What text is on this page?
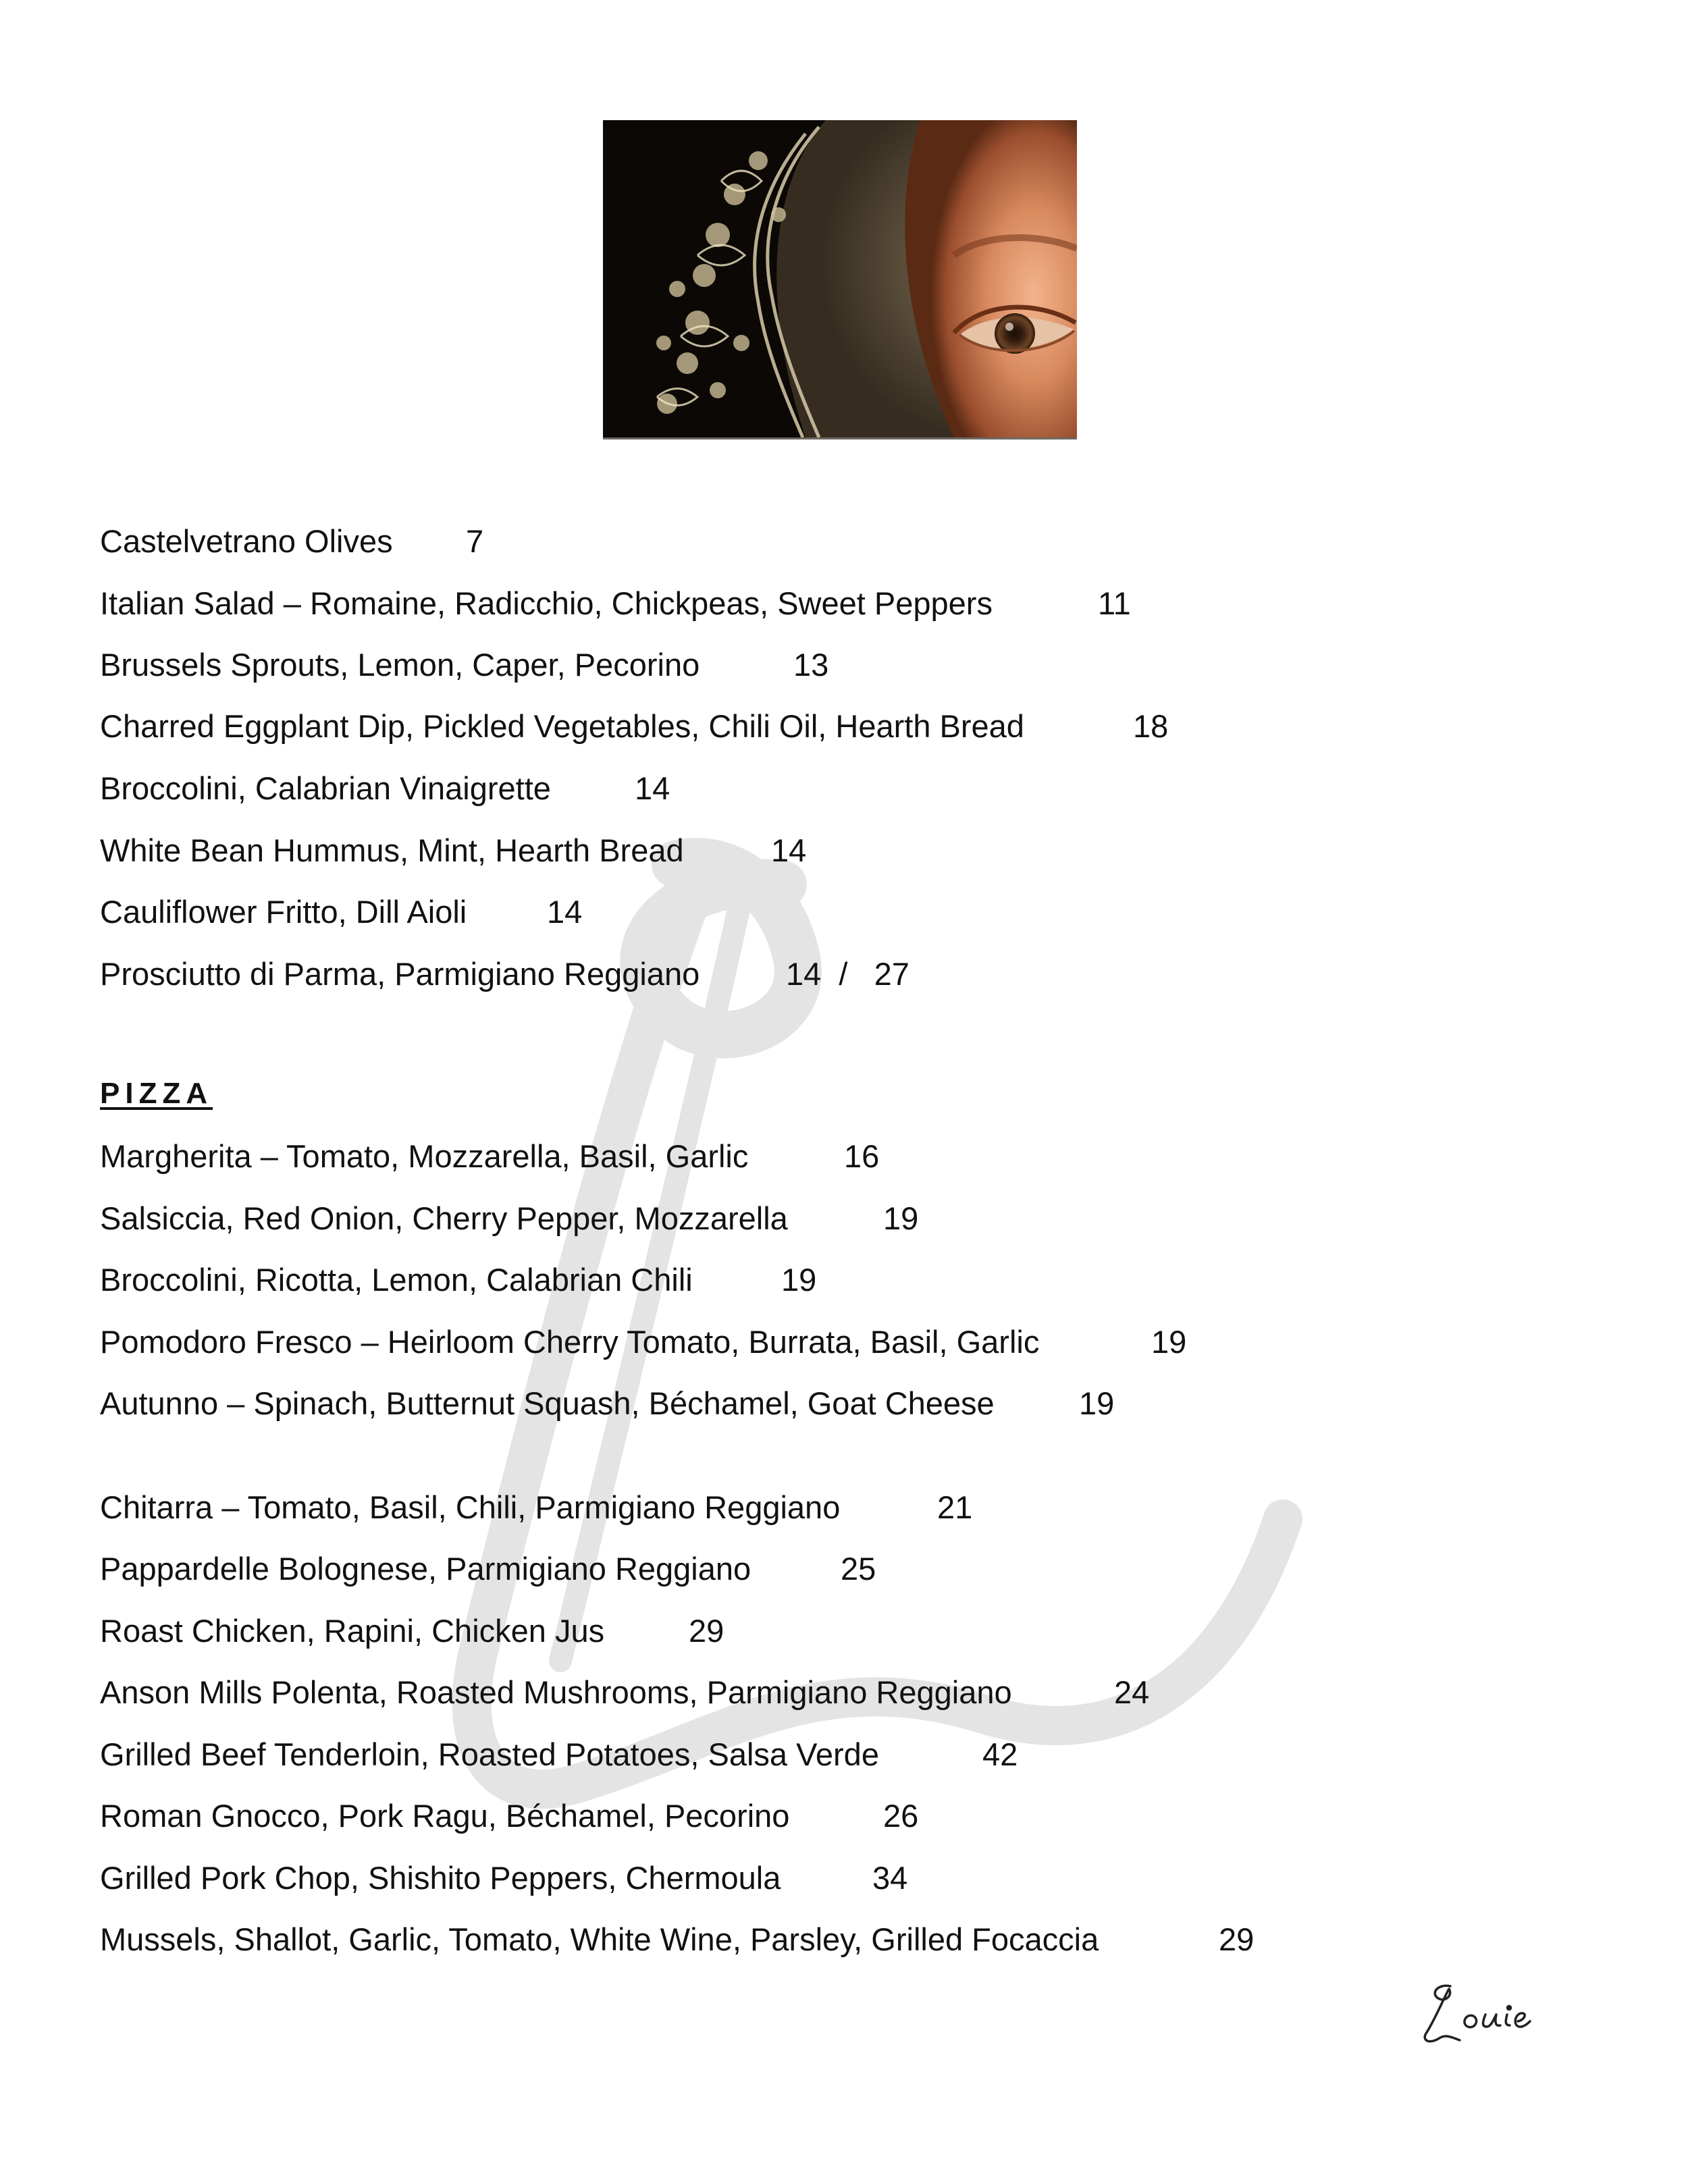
Castelvetrano Olives 7
Italian Salad – Romaine, Radicchio, Chickpeas, Sweet Peppers	11
Brussels Sprouts, Lemon, Caper, Pecorino	13
Charred Eggplant Dip, Pickled Vegetables, Chili Oil, Hearth Bread	18
Broccolini, Calabrian Vinaigrette	14
White Bean Hummus, Mint, Hearth Bread	14
Cauliflower Fritto, Dill Aioli	14
Prosciutto di Parma, Parmigiano Reggiano	14  /   27
PIZZA
Margherita – Tomato, Mozzarella, Basil, Garlic	16
Salsiccia, Red Onion, Cherry Pepper, Mozzarella	19
Broccolini, Ricotta, Lemon, Calabrian Chili	19
Pomodoro Fresco – Heirloom Cherry Tomato, Burrata, Basil, Garlic	19
Autunno – Spinach, Butternut Squash, Béchamel, Goat Cheese	19
Chitarra – Tomato, Basil, Chili, Parmigiano Reggiano	21
Pappardelle Bolognese, Parmigiano Reggiano	25
Roast Chicken, Rapini, Chicken Jus	29
Anson Mills Polenta, Roasted Mushrooms, Parmigiano Reggiano	24
Grilled Beef Tenderloin, Roasted Potatoes, Salsa Verde	42
Roman Gnocco, Pork Ragu, Béchamel, Pecorino	26
Grilled Pork Chop, Shishito Peppers, Chermoula	34
Mussels, Shallot, Garlic, Tomato, White Wine, Parsley, Grilled Focaccia	29
